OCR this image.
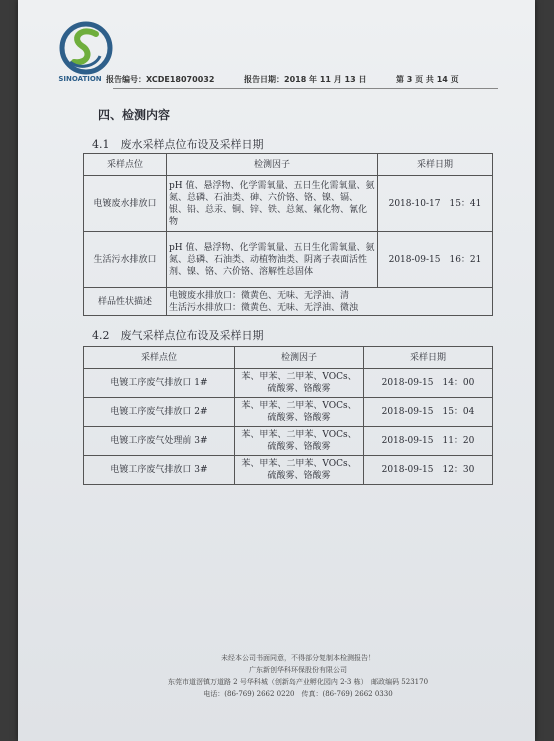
SINOATION 报告编号：XCDE18070032	报告日期：2018 年 11 月 13 日	第 3 页 共 14 页
四、检测内容
4.1　废水采样点位布设及采样日期
采样点位	检测因子	采样日期
电镀废水排放口	pH 值、悬浮物、化学需氧量、五日生化需氧量、氨氮、总磷、石油类、砷、六价铬、铬、镍、镉、银、铅、总汞、铜、锌、铁、总氮、氟化物、氰化物	2018-10-17　15：41
生活污水排放口	pH 值、悬浮物、化学需氧量、五日生化需氧量、氨氮、总磷、石油类、动植物油类、阴离子表面活性剂、镍、铬、六价铬、溶解性总固体	2018-09-15　16：21
样品性状描述	电镀废水排放口：微黄色、无味、无浮油、清
生活污水排放口：微黄色、无味、无浮油、微浊	
4.2　废气采样点位布设及采样日期
采样点位	检测因子	采样日期
电镀工序废气排放口 1#	苯、甲苯、二甲苯、VOCs、
硫酸雾、铬酸雾	2018-09-15　14：00
电镀工序废气排放口 2#	苯、甲苯、二甲苯、VOCs、
硫酸雾、铬酸雾	2018-09-15　15：04
电镀工序废气处理前 3#	苯、甲苯、二甲苯、VOCs、
硫酸雾、铬酸雾	2018-09-15　11：20
电镀工序废气排放口 3#	苯、甲苯、二甲苯、VOCs、
硫酸雾、铬酸雾	2018-09-15　12：30
未经本公司书面同意，不得部分复制本检测报告！
广东新创华科环保股份有限公司
东莞市道滘镇万道路 2 号华科城（创新岛产业孵化园内 2-3 栋）　邮政编码 523170
电话：(86-769) 2662 0220　传真：(86-769) 2662 0330
